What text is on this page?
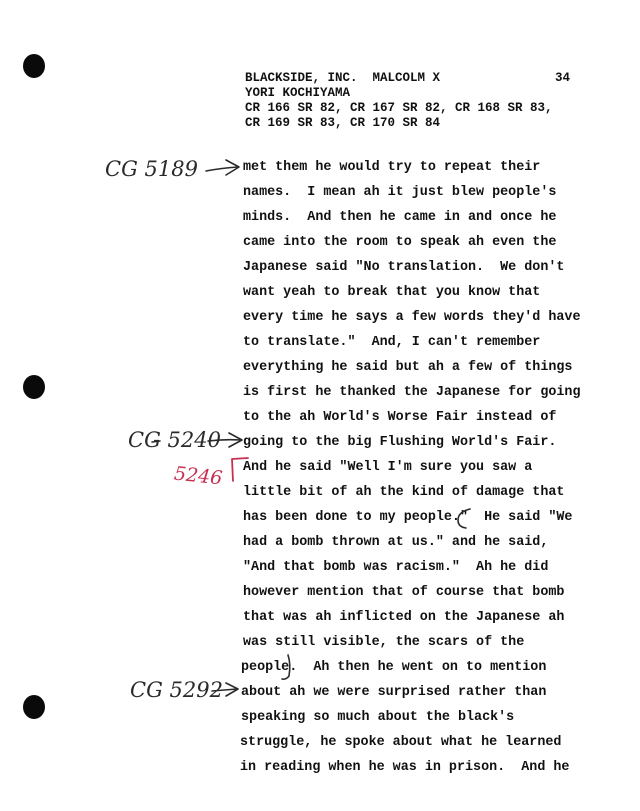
BLACKSIDE, INC.  MALCOLM X
YORI KOCHIYAMA
CR 166 SR 82, CR 167 SR 82, CR 168 SR 83,
CR 169 SR 83, CR 170 SR 84
34
met them he would try to repeat their
names.  I mean ah it just blew people's
minds.  And then he came in and once he
came into the room to speak ah even the
Japanese said "No translation.  We don't
want yeah to break that you know that
every time he says a few words they'd have
to translate."  And, I can't remember
everything he said but ah a few of things
is first he thanked the Japanese for going
to the ah World's Worse Fair instead of
going to the big Flushing World's Fair.
And he said "Well I'm sure you saw a
little bit of ah the kind of damage that
has been done to my people."  He said "We
had a bomb thrown at us." and he said,
"And that bomb was racism."  Ah he did
however mention that of course that bomb
that was ah inflicted on the Japanese ah
was still visible, the scars of the
people.  Ah then he went on to mention
about ah we were surprised rather than
speaking so much about the black's
struggle, he spoke about what he learned
in reading when he was in prison.  And he
CG 5189
CG 5240
5246
CG 5292
